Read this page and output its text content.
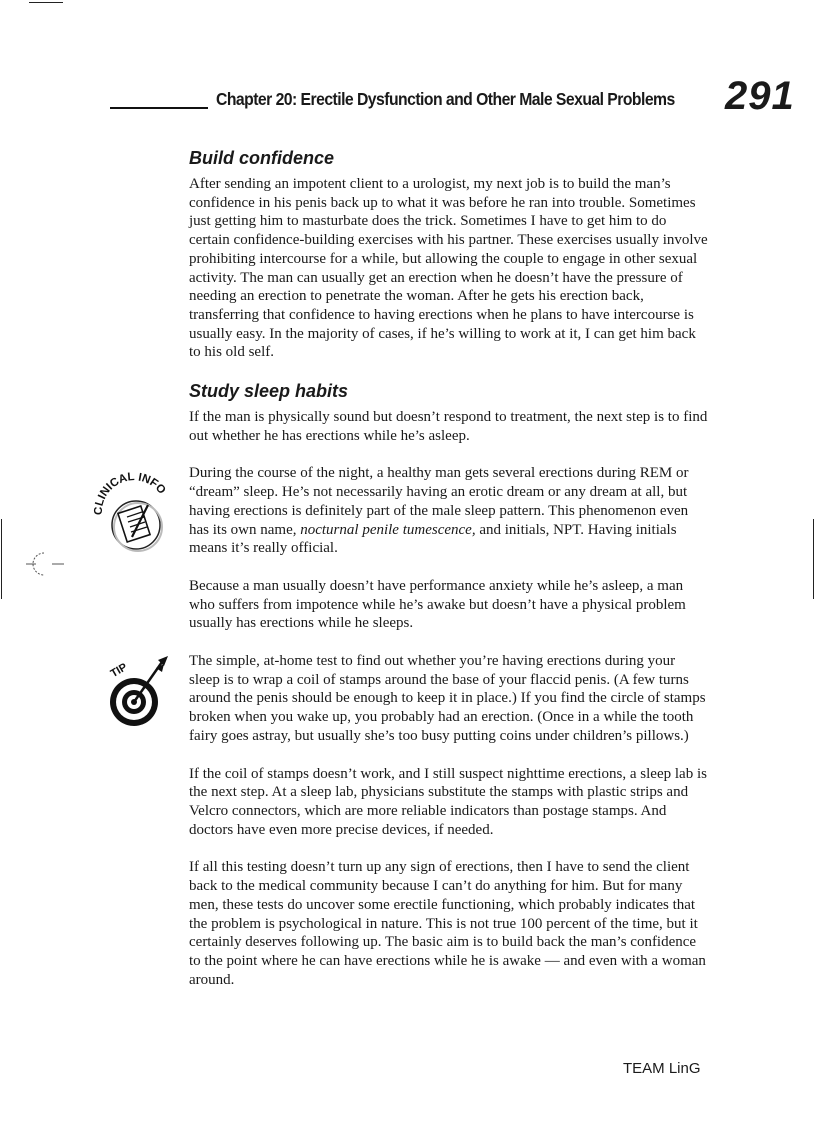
Chapter 20: Erectile Dysfunction and Other Male Sexual Problems 291
CLINICAL INFO
TIP
Build confidence

After sending an impotent client to a urologist, my next job is to build the man’s confidence in his penis back up to what it was before he ran into trouble. Sometimes just getting him to masturbate does the trick. Sometimes I have to get him to do certain confidence-building exercises with his partner. These exercises usually involve prohibiting intercourse for a while, but allowing the couple to engage in other sexual activity. The man can usually get an erection when he doesn’t have the pressure of needing an erection to penetrate the woman. After he gets his erection back, transferring that confidence to having erections when he plans to have intercourse is usually easy. In the majority of cases, if he’s willing to work at it, I can get him back to his old self.

Study sleep habits

If the man is physically sound but doesn’t respond to treatment, the next step is to find out whether he has erections while he’s asleep.

During the course of the night, a healthy man gets several erections during REM or “dream” sleep. He’s not necessarily having an erotic dream or any dream at all, but having erections is definitely part of the male sleep pattern. This phenomenon even has its own name, nocturnal penile tumescence, and initials, NPT. Having initials means it’s really official.

Because a man usually doesn’t have performance anxiety while he’s asleep, a man who suffers from impotence while he’s awake but doesn’t have a physical problem usually has erections while he sleeps.

The simple, at-home test to find out whether you’re having erections during your sleep is to wrap a coil of stamps around the base of your flaccid penis. (A few turns around the penis should be enough to keep it in place.) If you find the circle of stamps broken when you wake up, you probably had an erection. (Once in a while the tooth fairy goes astray, but usually she’s too busy putting coins under children’s pillows.)

If the coil of stamps doesn’t work, and I still suspect nighttime erections, a sleep lab is the next step. At a sleep lab, physicians substitute the stamps with plastic strips and Velcro connectors, which are more reliable indicators than postage stamps. And doctors have even more precise devices, if needed.

If all this testing doesn’t turn up any sign of erections, then I have to send the client back to the medical community because I can’t do anything for him. But for many men, these tests do uncover some erectile functioning, which probably indicates that the problem is psychological in nature. This is not true 100 percent of the time, but it certainly deserves following up. The basic aim is to build back the man’s confidence to the point where he can have erections while he is awake — and even with a woman around.

TEAM LinG
